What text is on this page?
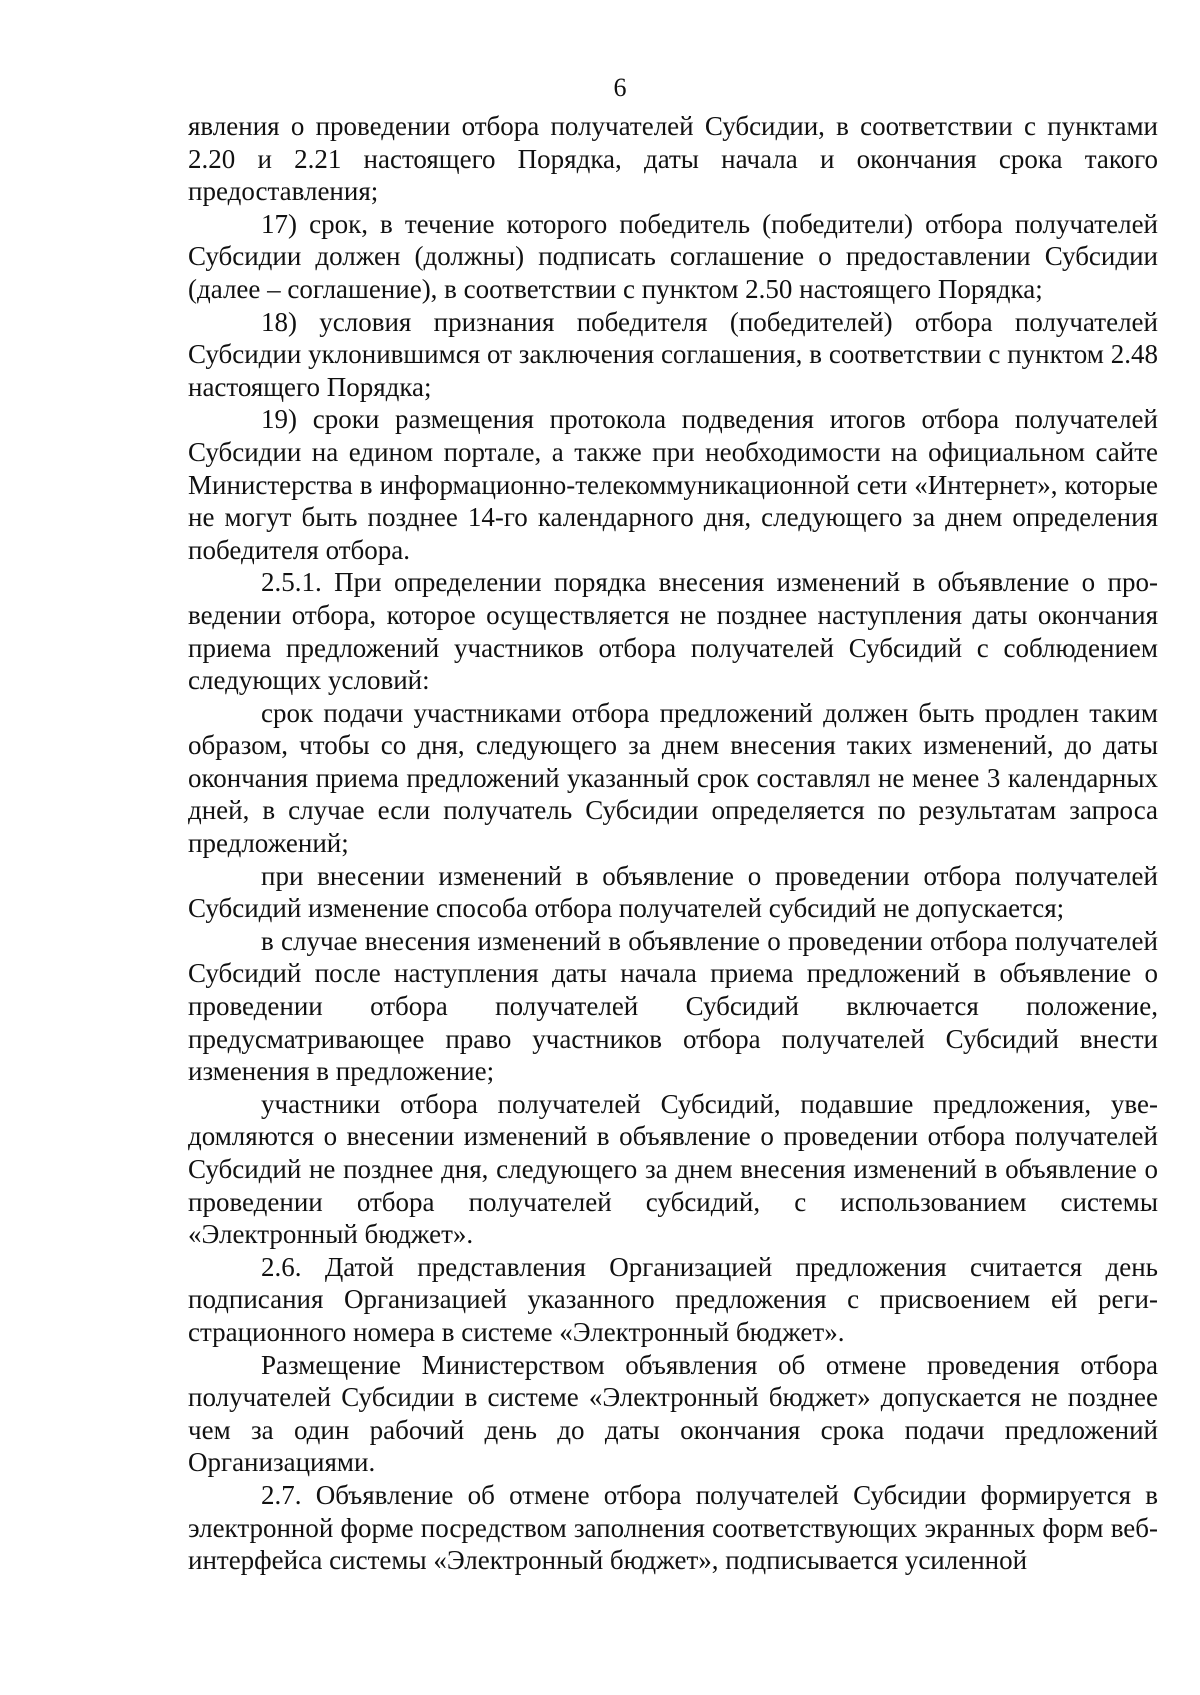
6

явления о проведении отбора получателей Субсидии, в соответствии с пунктами 2.20 и 2.21 настоящего Порядка, даты начала и окончания срока такого предоставления;

17) срок, в течение которого победитель (победители) отбора получателей Субсидии должен (должны) подписать соглашение о предоставлении Субсидии (далее – соглашение), в соответствии с пунктом 2.50 настоящего Порядка;

18) условия признания победителя (победителей) отбора получателей Субсидии уклонившимся от заключения соглашения, в соответствии с пунктом 2.48 настоящего Порядка;

19) сроки размещения протокола подведения итогов отбора получателей Субсидии на едином портале, а также при необходимости на официальном сайте Министерства в информационно-телекоммуникационной сети «Интернет», которые не могут быть позднее 14-го календарного дня, следующего за днем определения победителя отбора.

2.5.1. При определении порядка внесения изменений в объявление о проведении отбора, которое осуществляется не позднее наступления даты окончания приема предложений участников отбора получателей Субсидий с соблюдением следующих условий:

срок подачи участниками отбора предложений должен быть продлен таким образом, чтобы со дня, следующего за днем внесения таких изменений, до даты окончания приема предложений указанный срок составлял не менее 3 календарных дней, в случае если получатель Субсидии определяется по результатам запроса предложений;

при внесении изменений в объявление о проведении отбора получателей Субсидий изменение способа отбора получателей субсидий не допускается;

в случае внесения изменений в объявление о проведении отбора получателей Субсидий после наступления даты начала приема предложений в объявление о проведении отбора получателей Субсидий включается положение, предусматривающее право участников отбора получателей Субсидий внести изменения в предложение;

участники отбора получателей Субсидий, подавшие предложения, уведомляются о внесении изменений в объявление о проведении отбора получателей Субсидий не позднее дня, следующего за днем внесения изменений в объявление о проведении отбора получателей субсидий, с использованием системы «Электронный бюджет».

2.6. Датой представления Организацией предложения считается день подписания Организацией указанного предложения с присвоением ей регистрационного номера в системе «Электронный бюджет».

Размещение Министерством объявления об отмене проведения отбора получателей Субсидии в системе «Электронный бюджет» допускается не позднее чем за один рабочий день до даты окончания срока подачи предложений Организациями.

2.7. Объявление об отмене отбора получателей Субсидии формируется в электронной форме посредством заполнения соответствующих экранных форм веб-интерфейса системы «Электронный бюджет», подписывается усиленной
